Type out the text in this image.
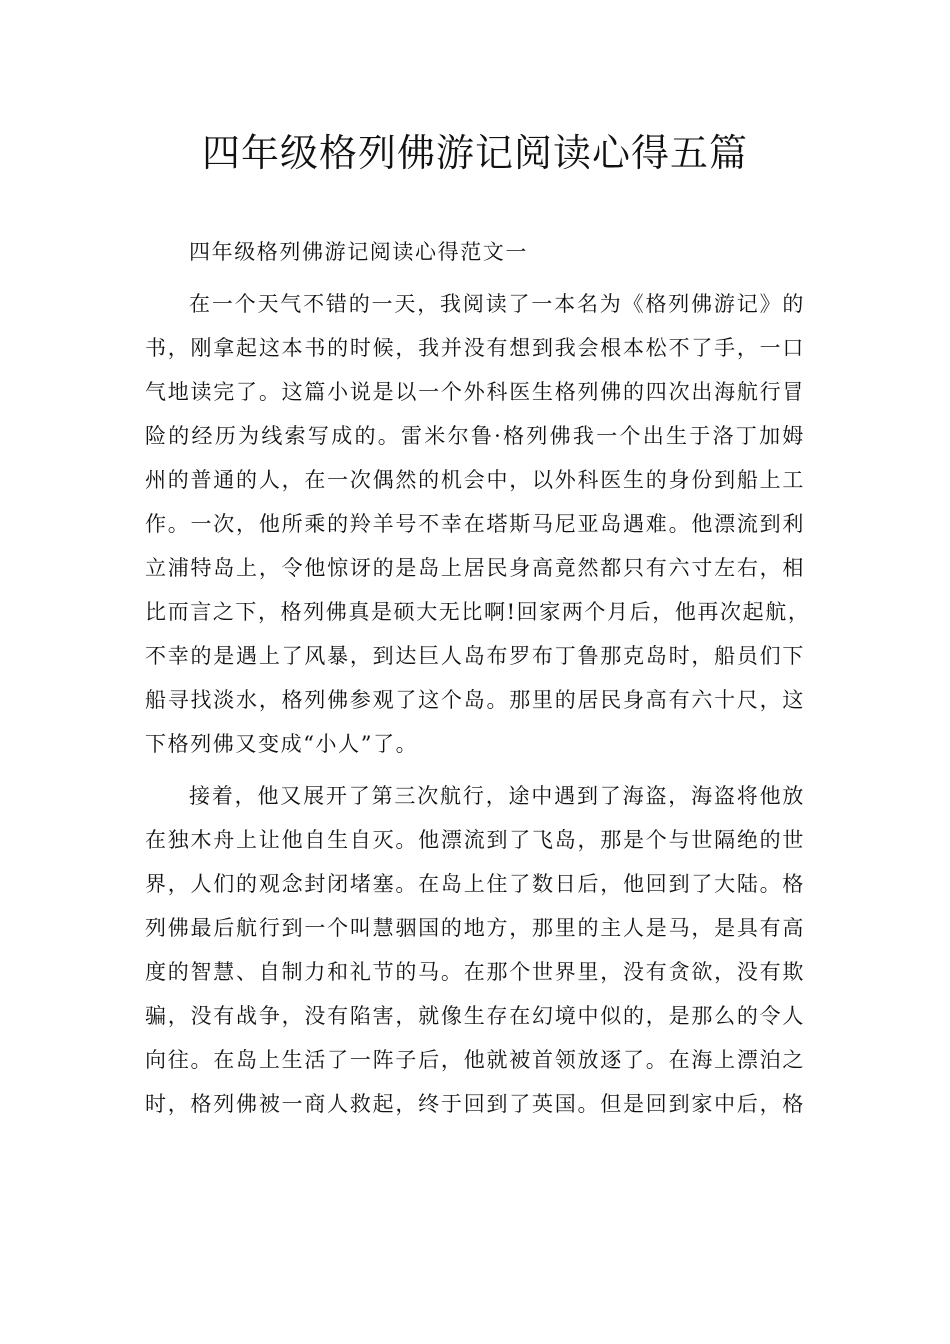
四年级格列佛游记阅读心得五篇
四年级格列佛游记阅读心得范文一
在一个天气不错的一天，我阅读了一本名为《格列佛游记》的
书，刚拿起这本书的时候，我并没有想到我会根本松不了手，一口
气地读完了。这篇小说是以一个外科医生格列佛的四次出海航行冒
险的经历为线索写成的。雷米尔鲁·格列佛我一个出生于洛丁加姆
州的普通的人，在一次偶然的机会中，以外科医生的身份到船上工
作。一次，他所乘的羚羊号不幸在塔斯马尼亚岛遇难。他漂流到利
立浦特岛上，令他惊讶的是岛上居民身高竟然都只有六寸左右，相
比而言之下，格列佛真是硕大无比啊!回家两个月后，他再次起航，
不幸的是遇上了风暴，到达巨人岛布罗布丁鲁那克岛时，船员们下
船寻找淡水，格列佛参观了这个岛。那里的居民身高有六十尺，这
下格列佛又变成“小人”了。
接着，他又展开了第三次航行，途中遇到了海盗，海盗将他放
在独木舟上让他自生自灭。他漂流到了飞岛，那是个与世隔绝的世
界，人们的观念封闭堵塞。在岛上住了数日后，他回到了大陆。格
列佛最后航行到一个叫慧骃国的地方，那里的主人是马，是具有高
度的智慧、自制力和礼节的马。在那个世界里，没有贪欲，没有欺
骗，没有战争，没有陷害，就像生存在幻境中似的，是那么的令人
向往。在岛上生活了一阵子后，他就被首领放逐了。在海上漂泊之
时，格列佛被一商人救起，终于回到了英国。但是回到家中后，格
